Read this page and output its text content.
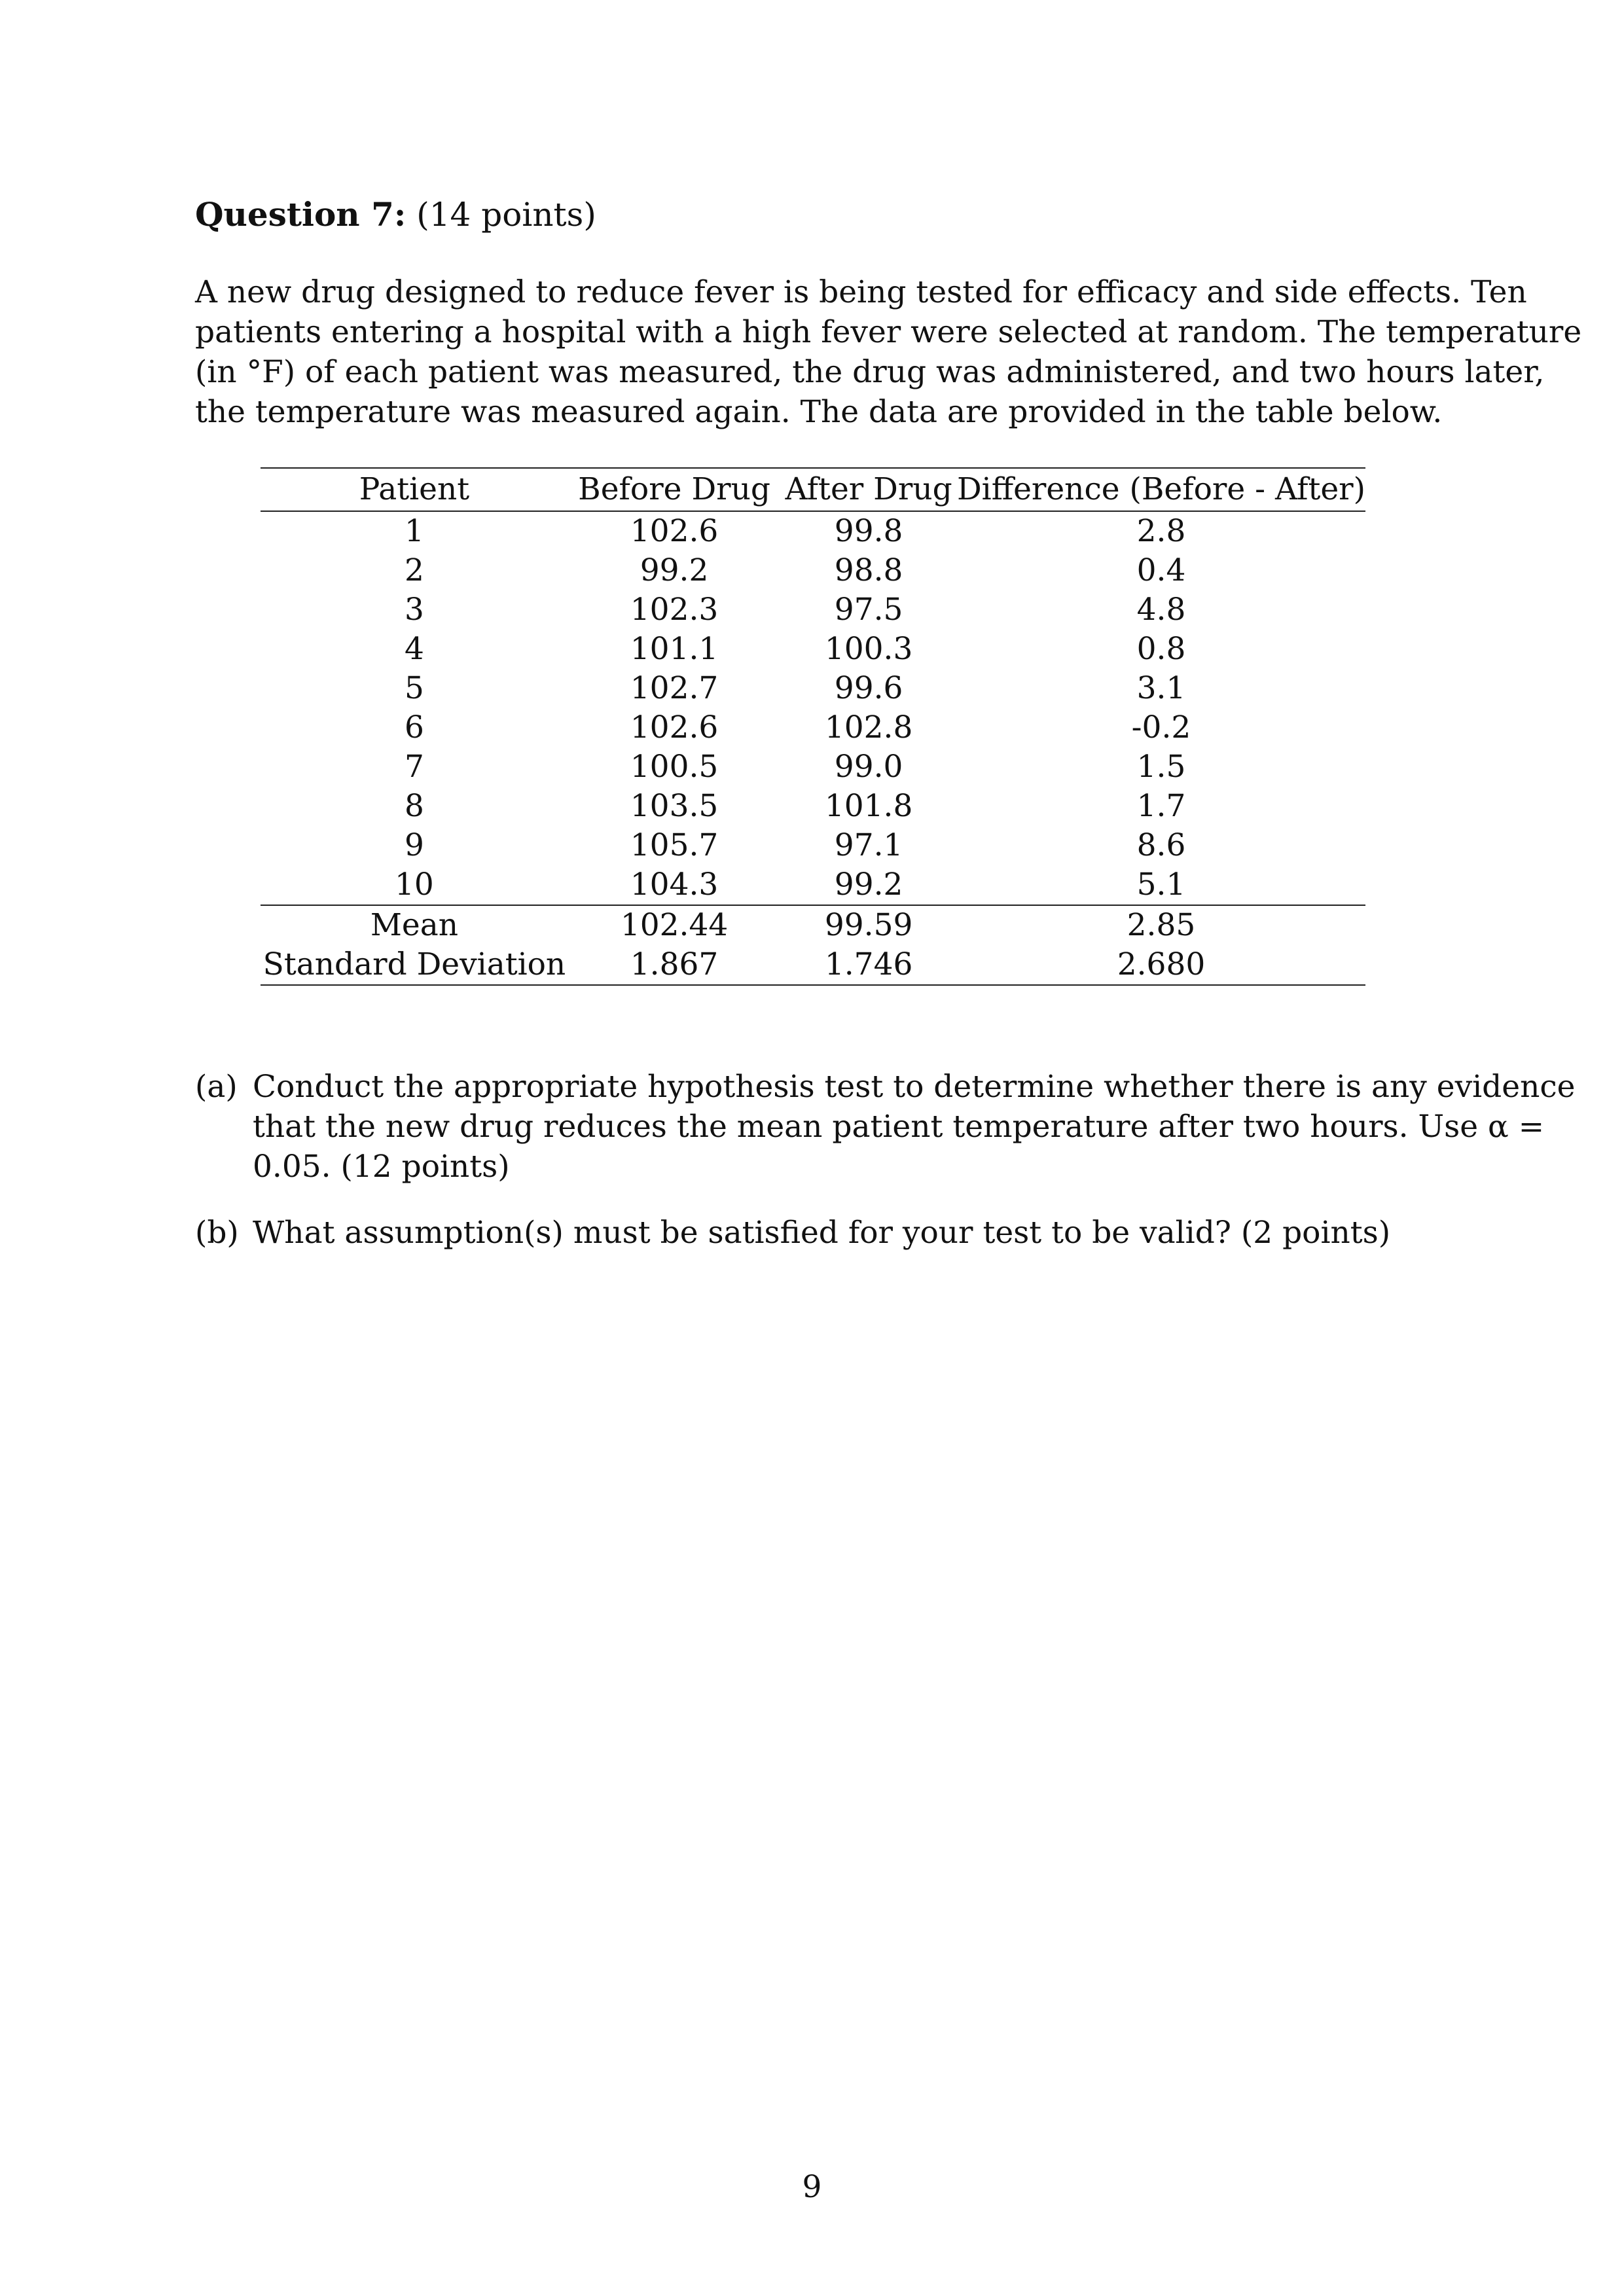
Question 7: (14 points)
A new drug designed to reduce fever is being tested for efficacy and side effects. Ten
patients entering a hospital with a high fever were selected at random. The temperature
(in °F) of each patient was measured, the drug was administered, and two hours later,
the temperature was measured again. The data are provided in the table below.
Patient	Before Drug	After Drug	Difference (Before - After)
1	102.6	99.8	2.8
2	99.2	98.8	0.4
3	102.3	97.5	4.8
4	101.1	100.3	0.8
5	102.7	99.6	3.1
6	102.6	102.8	-0.2
7	100.5	99.0	1.5
8	103.5	101.8	1.7
9	105.7	97.1	8.6
10	104.3	99.2	5.1
Mean	102.44	99.59	2.85
Standard Deviation	1.867	1.746	2.680
(a) Conduct the appropriate hypothesis test to determine whether there is any evidence
that the new drug reduces the mean patient temperature after two hours. Use α =
0.05. (12 points)
(b) What assumption(s) must be satisfied for your test to be valid? (2 points)
9
